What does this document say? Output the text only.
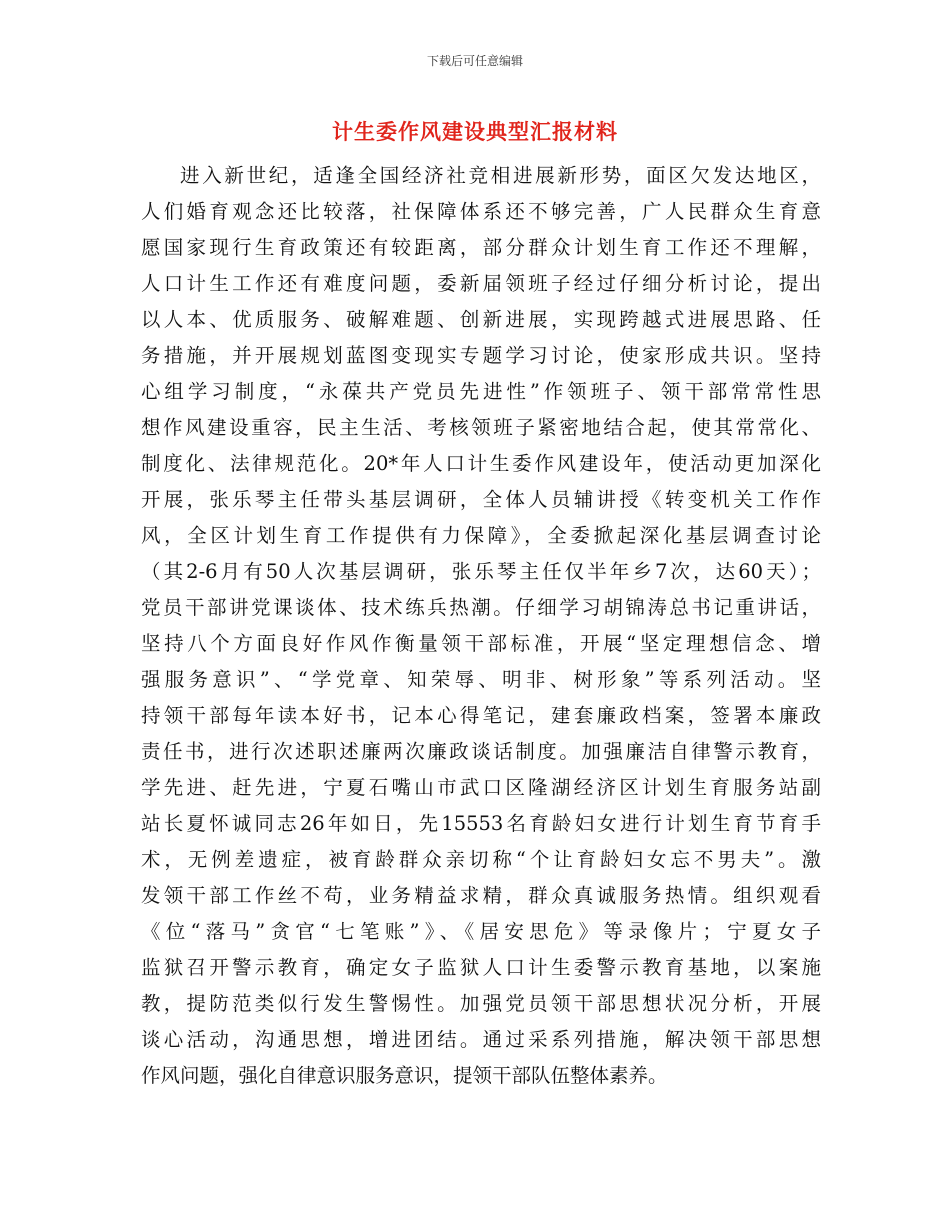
下载后可任意编辑
计生委作风建设典型汇报材料
进入新世纪，适逢全国经济社竞相进展新形势，面区欠发达地区，
人们婚育观念还比较落，社保障体系还不够完善，广人民群众生育意
愿国家现行生育政策还有较距离，部分群众计划生育工作还不理解，
人口计生工作还有难度问题，委新届领班子经过仔细分析讨论，提出
以人本、优质服务、破解难题、创新进展，实现跨越式进展思路、任
务措施，并开展规划蓝图变现实专题学习讨论，使家形成共识。坚持
心组学习制度，“永葆共产党员先进性”作领班子、领干部常常性思
想作风建设重容，民主生活、考核领班子紧密地结合起，使其常常化、
制度化、法律规范化。20*年人口计生委作风建设年，使活动更加深化
开展，张乐琴主任带头基层调研，全体人员辅讲授《转变机关工作作
风，全区计划生育工作提供有力保障》，全委掀起深化基层调查讨论
（其2-6月有50人次基层调研，张乐琴主任仅半年乡7次，达60天）；
党员干部讲党课谈体、技术练兵热潮。仔细学习胡锦涛总书记重讲话，
坚持八个方面良好作风作衡量领干部标准，开展“坚定理想信念、增
强服务意识”、“学党章、知荣辱、明非、树形象”等系列活动。坚
持领干部每年读本好书，记本心得笔记，建套廉政档案，签署本廉政
责任书，进行次述职述廉两次廉政谈话制度。加强廉洁自律警示教育，
学先进、赶先进，宁夏石嘴山市武口区隆湖经济区计划生育服务站副
站长夏怀诚同志26年如日，先15553名育龄妇女进行计划生育节育手
术，无例差遗症，被育龄群众亲切称“个让育龄妇女忘不男夫”。激
发领干部工作丝不苟，业务精益求精，群众真诚服务热情。组织观看
《位“落马”贪官“七笔账”》、《居安思危》等录像片；宁夏女子
监狱召开警示教育，确定女子监狱人口计生委警示教育基地，以案施
教，提防范类似行发生警惕性。加强党员领干部思想状况分析，开展
谈心活动，沟通思想，增进团结。通过采系列措施，解决领干部思想
作风问题，强化自律意识服务意识，提领干部队伍整体素养。
